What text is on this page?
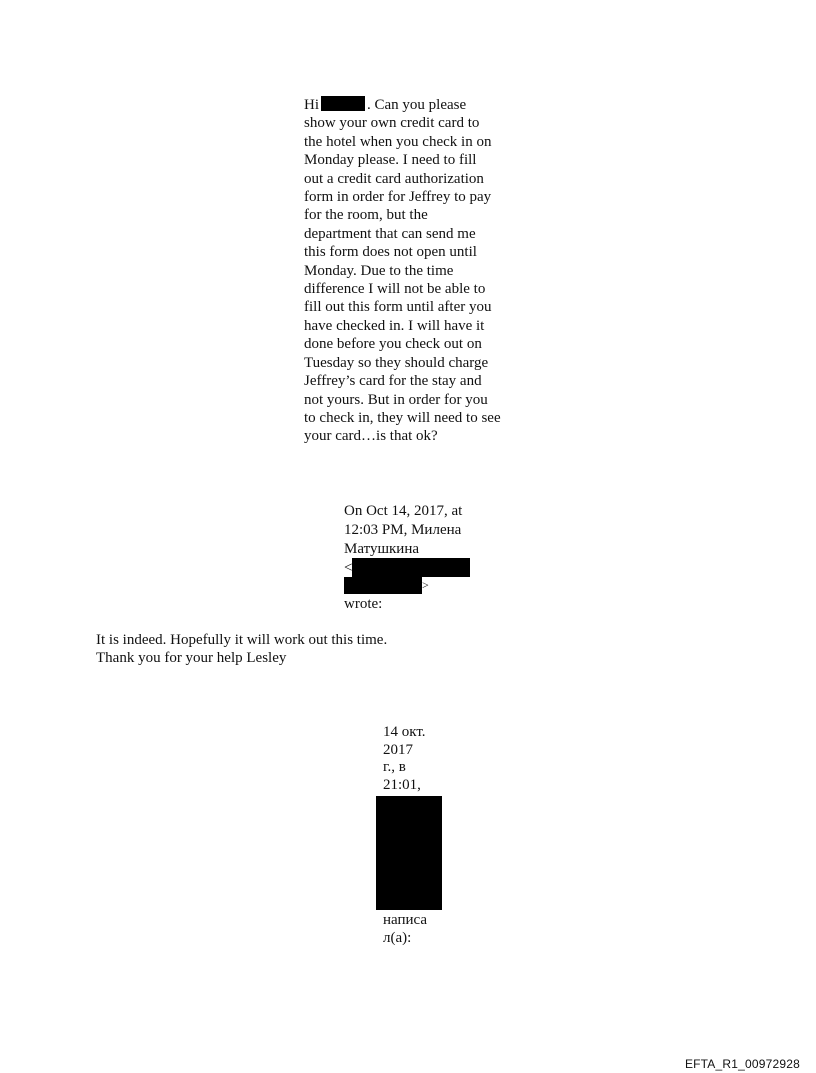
Hi	. Can you please
show your own credit card to
the hotel when you check in on
Monday please. I need to fill
out a credit card authorization
form in order for Jeffrey to pay
for the room, but the
department that can send me
this form does not open until
Monday. Due to the time
difference I will not be able to
fill out this form until after you
have checked in. I will have it
done before you check out on
Tuesday so they should charge
Jeffrey’s card for the stay and
not yours. But in order for you
to check in, they will need to see
your card…is that ok?
On Oct 14, 2017, at
12:03 PM, Милена
Матушкина
<
>
wrote:
It is indeed. Hopefully it will work out this time.
Thank you for your help Lesley
14 окт.
2017
г., в
21:01,
написа
л(а):
EFTA_R1_00972928
